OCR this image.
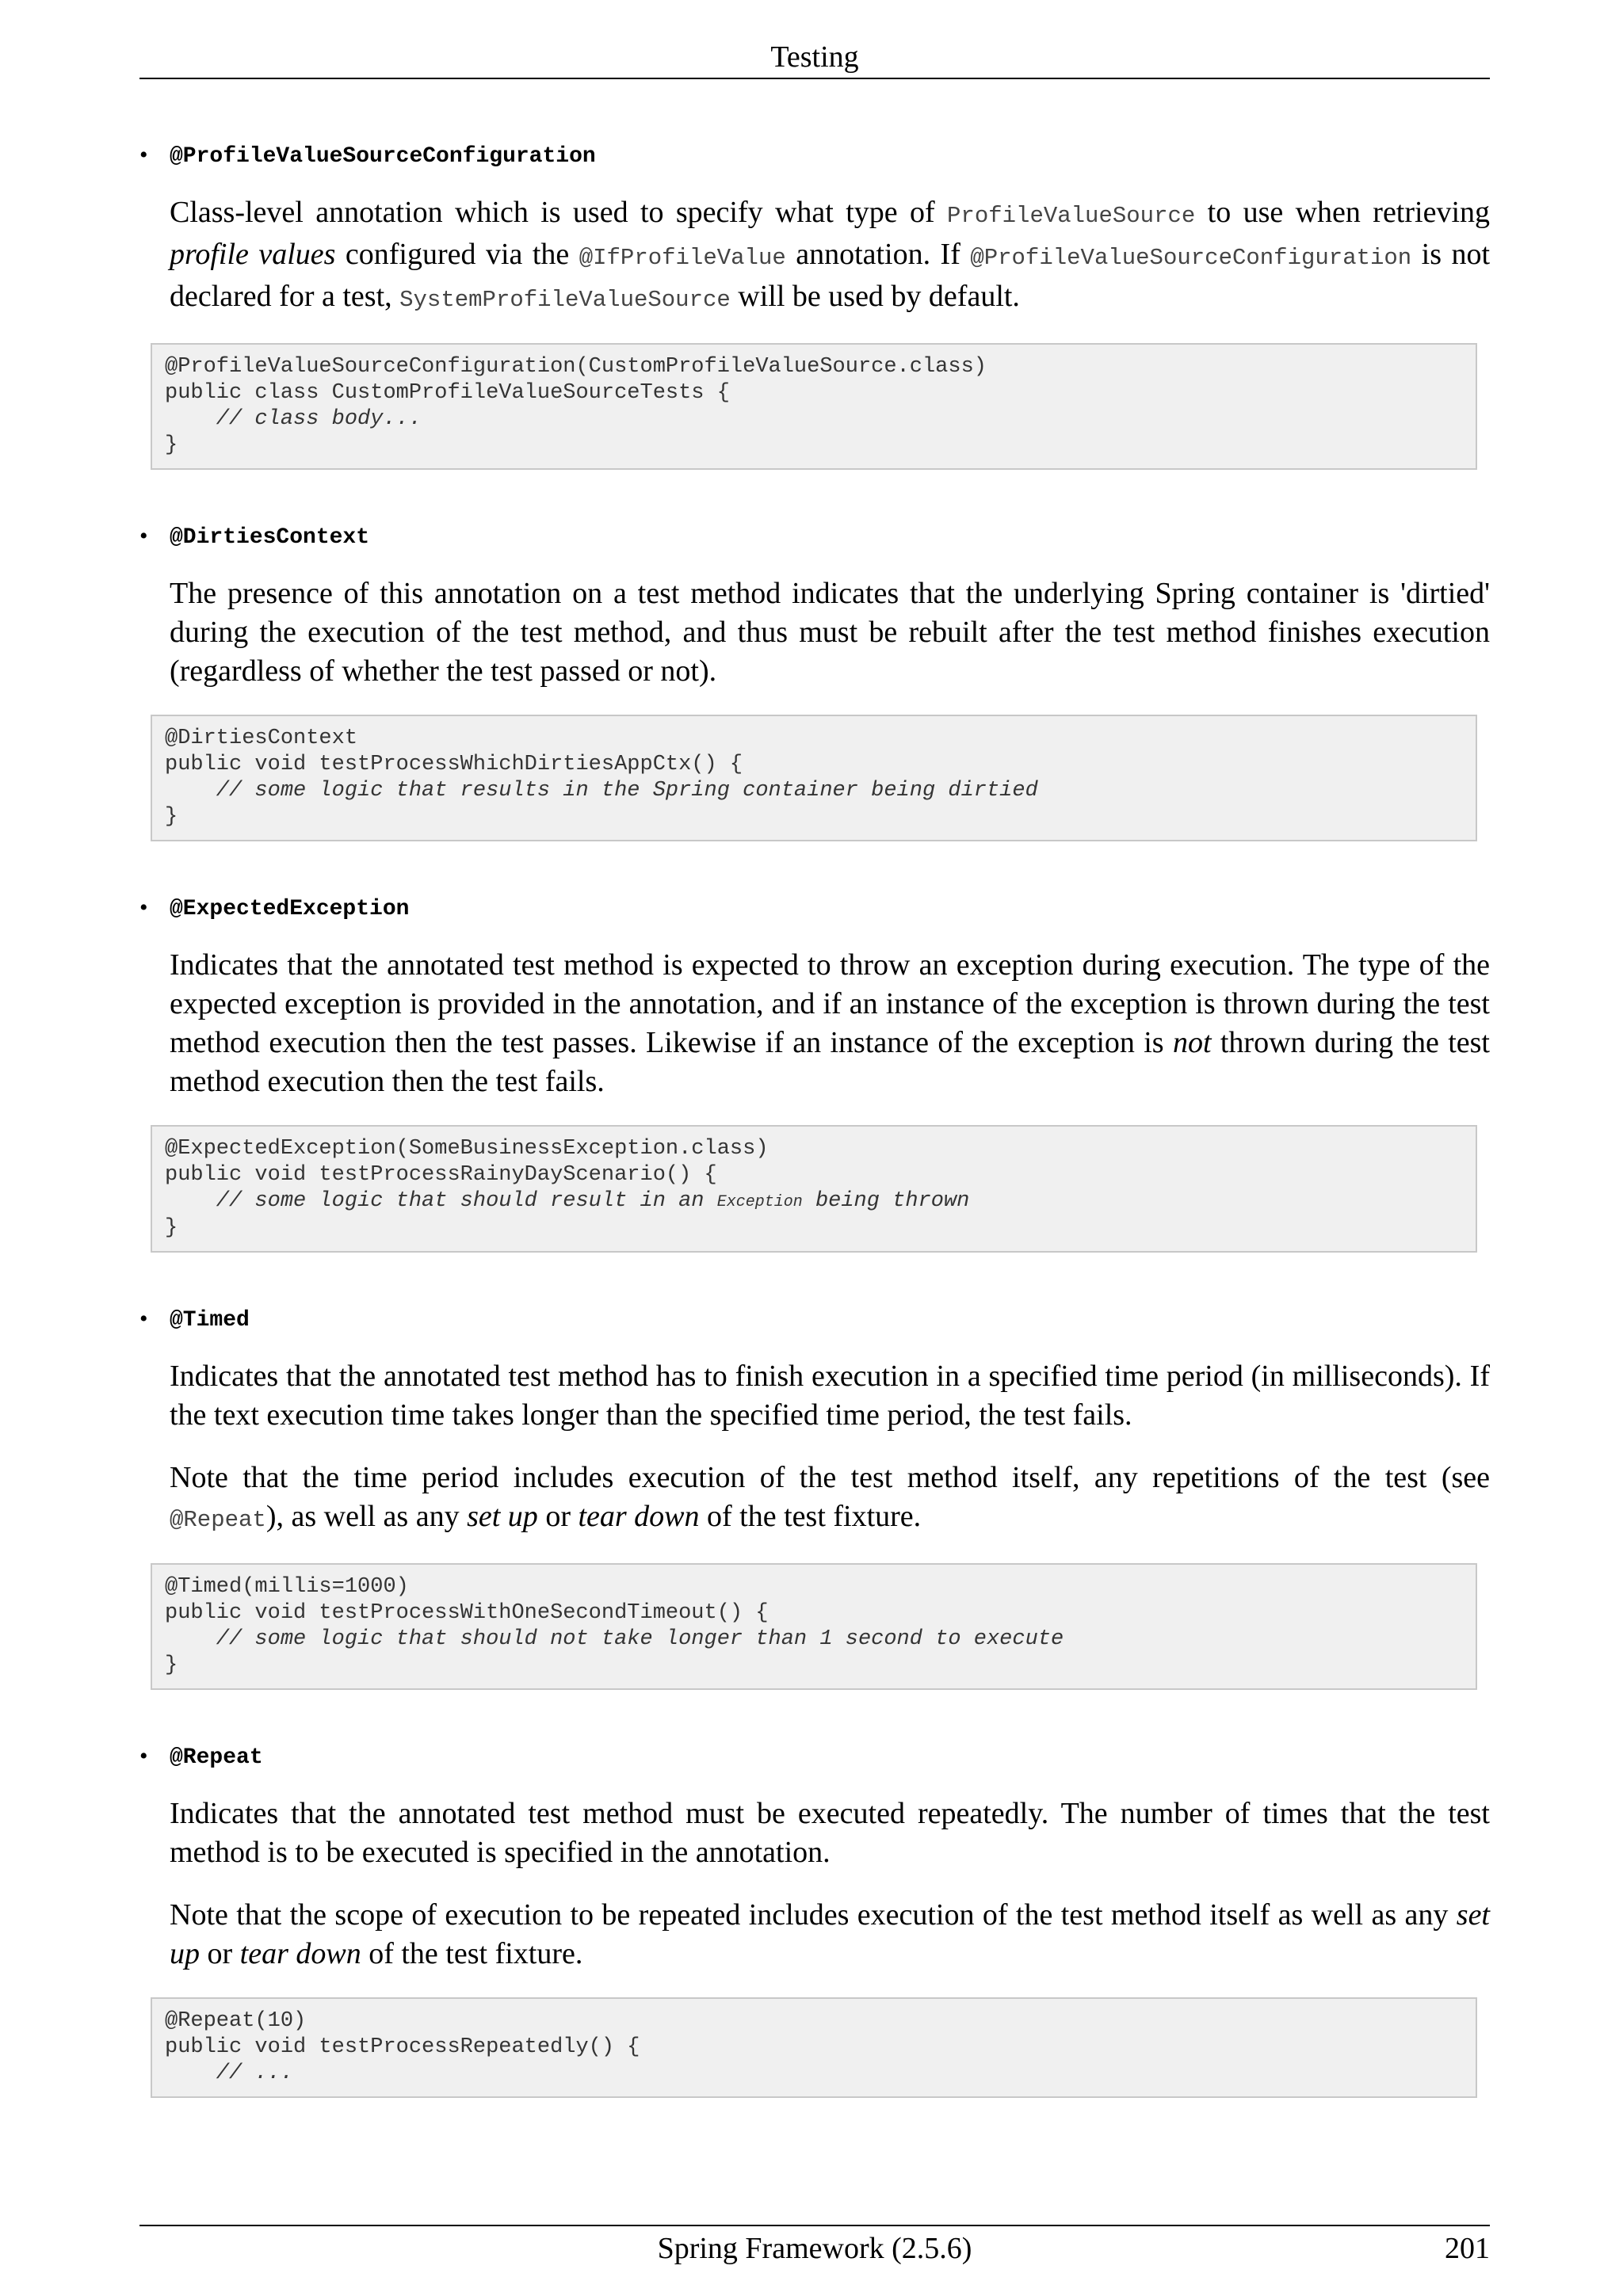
Testing
• @ProfileValueSourceConfiguration
Class-level annotation which is used to specify what type of ProfileValueSource to use when retrieving profile values configured via the @IfProfileValue annotation. If @ProfileValueSourceConfiguration is not declared for a test, SystemProfileValueSource will be used by default.
@ProfileValueSourceConfiguration(CustomProfileValueSource.class)
public class CustomProfileValueSourceTests {
// class body...
}
• @DirtiesContext
The presence of this annotation on a test method indicates that the underlying Spring container is 'dirtied' during the execution of the test method, and thus must be rebuilt after the test method finishes execution (regardless of whether the test passed or not).
@DirtiesContext
public void testProcessWhichDirtiesAppCtx() {
// some logic that results in the Spring container being dirtied
}
• @ExpectedException
Indicates that the annotated test method is expected to throw an exception during execution. The type of the expected exception is provided in the annotation, and if an instance of the exception is thrown during the test method execution then the test passes. Likewise if an instance of the exception is not thrown during the test method execution then the test fails.
@ExpectedException(SomeBusinessException.class)
public void testProcessRainyDayScenario() {
// some logic that should result in an Exception being thrown
}
• @Timed
Indicates that the annotated test method has to finish execution in a specified time period (in milliseconds). If the text execution time takes longer than the specified time period, the test fails.
Note that the time period includes execution of the test method itself, any repetitions of the test (see @Repeat), as well as any set up or tear down of the test fixture.
@Timed(millis=1000)
public void testProcessWithOneSecondTimeout() {
// some logic that should not take longer than 1 second to execute
}
• @Repeat
Indicates that the annotated test method must be executed repeatedly. The number of times that the test method is to be executed is specified in the annotation.
Note that the scope of execution to be repeated includes execution of the test method itself as well as any set up or tear down of the test fixture.
@Repeat(10)
public void testProcessRepeatedly() {
// ...
Spring Framework (2.5.6)	201
